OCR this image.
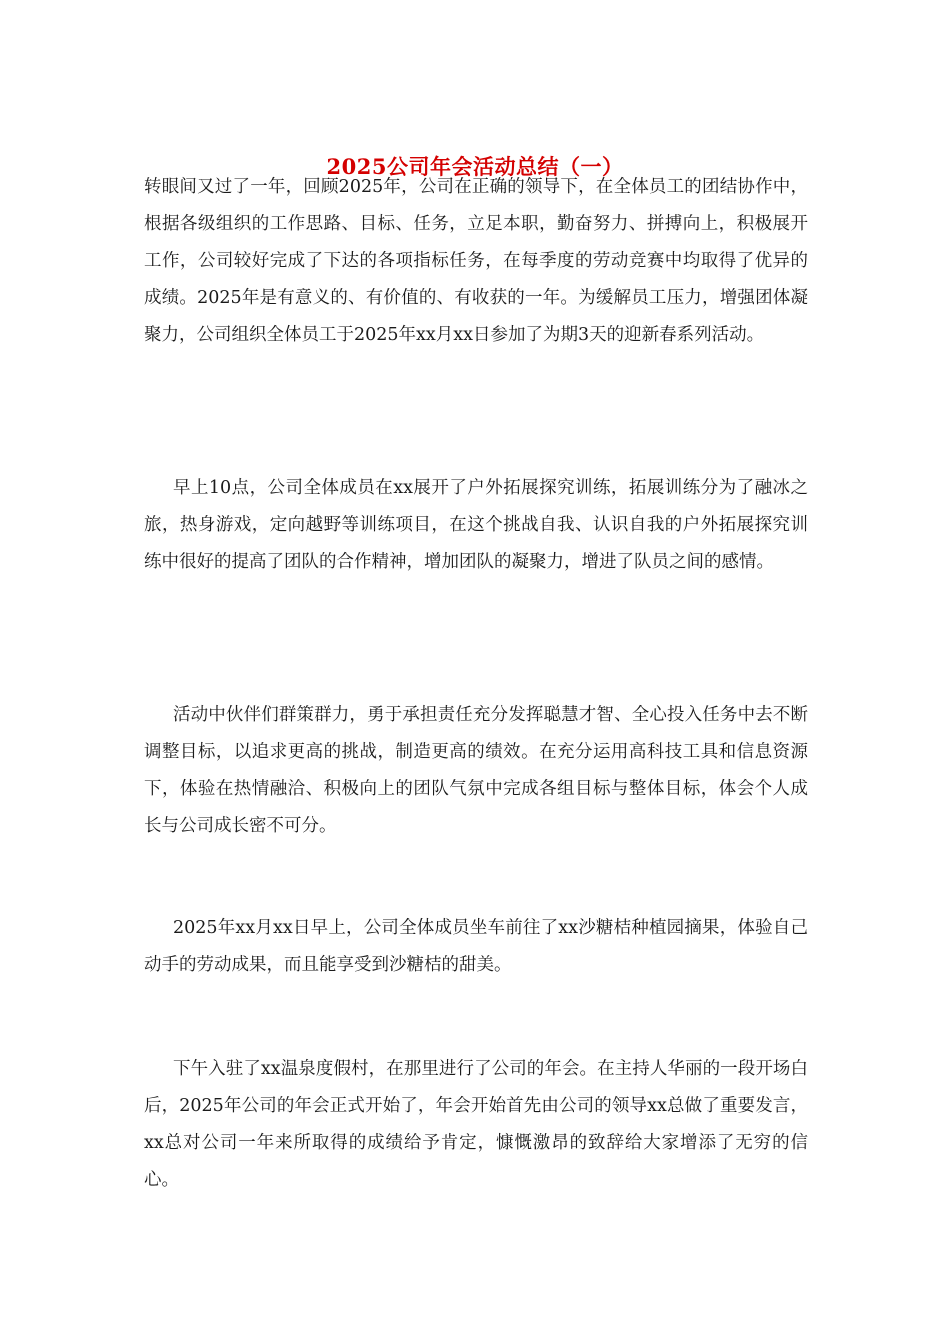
2025公司年会活动总结（一）

转眼间又过了一年，回顾2025年，公司在正确的领导下，在全体员工的团结协作中，根据各级组织的工作思路、目标、任务，立足本职，勤奋努力、拼搏向上，积极展开工作，公司较好完成了下达的各项指标任务，在每季度的劳动竞赛中均取得了优异的成绩。2025年是有意义的、有价值的、有收获的一年。为缓解员工压力，增强团体凝聚力，公司组织全体员工于2025年xx月xx日参加了为期3天的迎新春系列活动。

早上10点，公司全体成员在xx展开了户外拓展探究训练，拓展训练分为了融冰之旅，热身游戏，定向越野等训练项目，在这个挑战自我、认识自我的户外拓展探究训练中很好的提高了团队的合作精神，增加团队的凝聚力，增进了队员之间的感情。

活动中伙伴们群策群力，勇于承担责任充分发挥聪慧才智、全心投入任务中去不断调整目标，以追求更高的挑战，制造更高的绩效。在充分运用高科技工具和信息资源下，体验在热情融洽、积极向上的团队气氛中完成各组目标与整体目标，体会个人成长与公司成长密不可分。

2025年xx月xx日早上，公司全体成员坐车前往了xx沙糖桔种植园摘果，体验自己动手的劳动成果，而且能享受到沙糖桔的甜美。

下午入驻了xx温泉度假村，在那里进行了公司的年会。在主持人华丽的一段开场白后，2025年公司的年会正式开始了，年会开始首先由公司的领导xx总做了重要发言，xx总对公司一年来所取得的成绩给予肯定，慷慨激昂的致辞给大家增添了无穷的信心。
